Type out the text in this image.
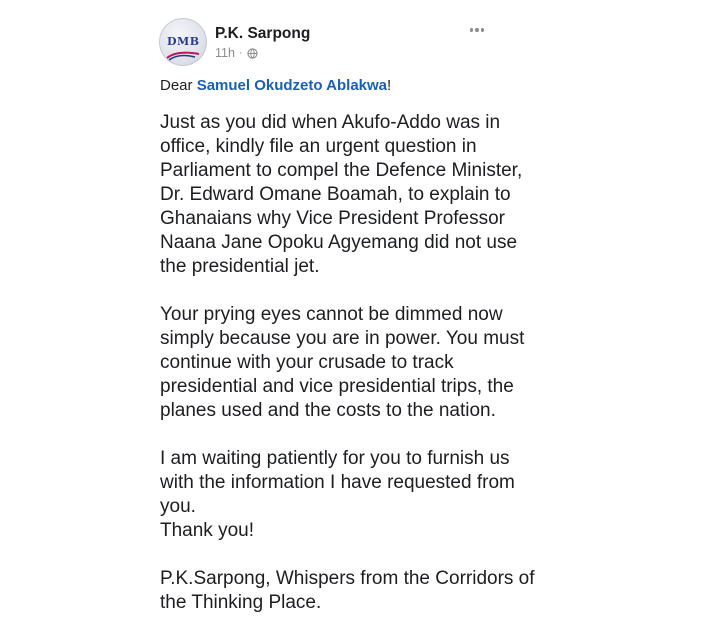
DMB P.K. Sarpong
11h ·

Dear Samuel Okudzeto Ablakwa!

Just as you did when Akufo-Addo was in
office, kindly file an urgent question in
Parliament to compel the Defence Minister,
Dr. Edward Omane Boamah, to explain to
Ghanaians why Vice President Professor
Naana Jane Opoku Agyemang did not use
the presidential jet.
Your prying eyes cannot be dimmed now
simply because you are in power. You must
continue with your crusade to track
presidential and vice presidential trips, the
planes used and the costs to the nation.
I am waiting patiently for you to furnish us
with the information I have requested from
you.
Thank you!
P.K.Sarpong, Whispers from the Corridors of
the Thinking Place.
